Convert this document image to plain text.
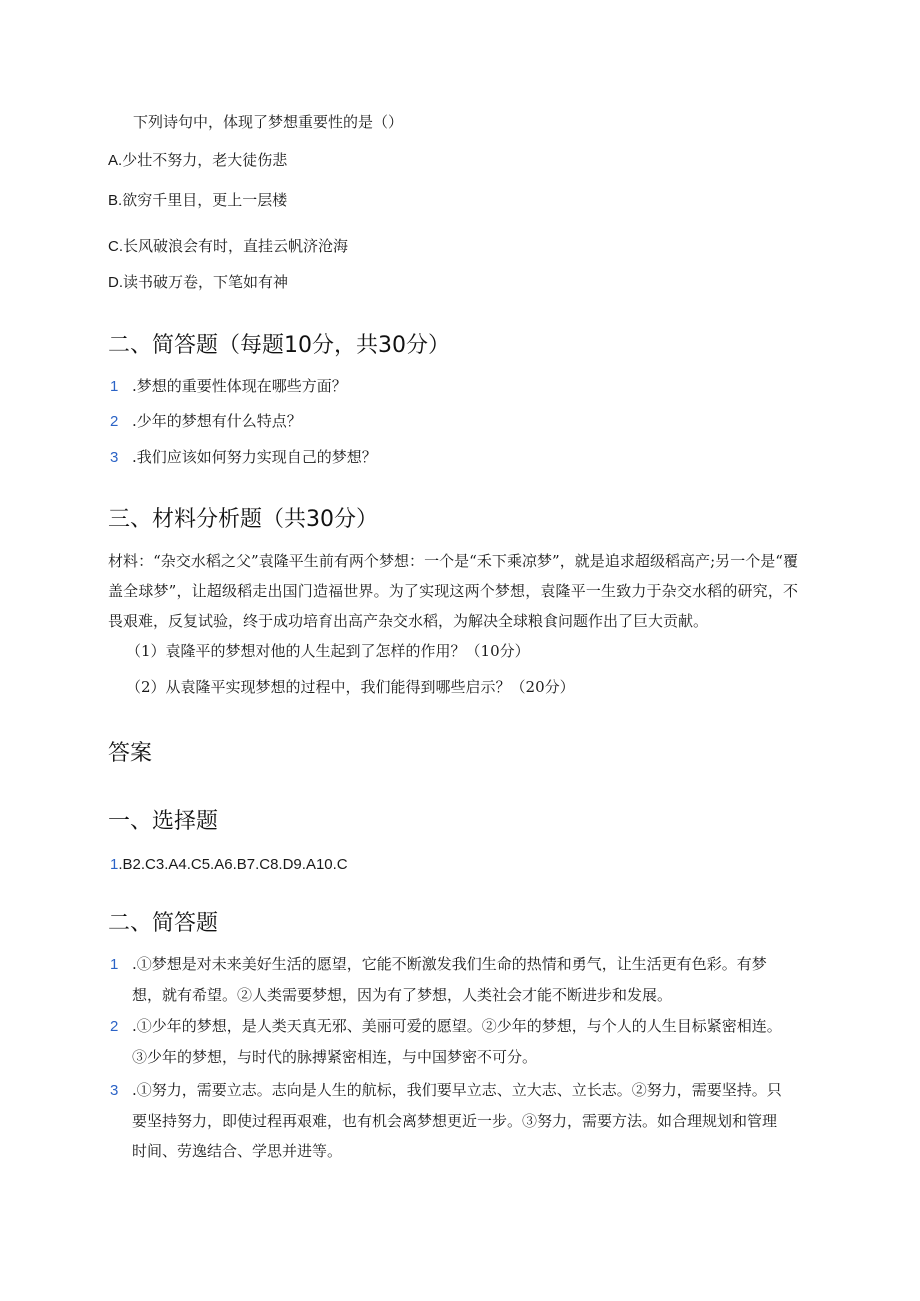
下列诗句中，体现了梦想重要性的是（）
A.少壮不努力，老大徒伤悲
B.欲穷千里目，更上一层楼
C.长风破浪会有时，直挂云帆济沧海
D.读书破万卷，下笔如有神
二、简答题（每题10分，共30分）
1 .梦想的重要性体现在哪些方面？
2 .少年的梦想有什么特点？
3 .我们应该如何努力实现自己的梦想？
三、材料分析题（共30分）
材料：“杂交水稻之父”袁隆平生前有两个梦想：一个是“禾下乘凉梦”，就是追求超级稻高产;另一个是“覆盖全球梦”，让超级稻走出国门造福世界。为了实现这两个梦想，袁隆平一生致力于杂交水稻的研究，不畏艰难，反复试验，终于成功培育出高产杂交水稻，为解决全球粮食问题作出了巨大贡献。
（1）袁隆平的梦想对他的人生起到了怎样的作用？（10分）
（2）从袁隆平实现梦想的过程中，我们能得到哪些启示？（20分）
答案
一、选择题
1.B2.C3.A4.C5.A6.B7.C8.D9.A10.C
二、简答题
1 .①梦想是对未来美好生活的愿望，它能不断激发我们生命的热情和勇气，让生活更有色彩。有梦
想，就有希望。②人类需要梦想，因为有了梦想，人类社会才能不断进步和发展。
2 .①少年的梦想，是人类天真无邪、美丽可爱的愿望。②少年的梦想，与个人的人生目标紧密相连。
③少年的梦想，与时代的脉搏紧密相连，与中国梦密不可分。
3 .①努力，需要立志。志向是人生的航标，我们要早立志、立大志、立长志。②努力，需要坚持。只
要坚持努力，即使过程再艰难，也有机会离梦想更近一步。③努力，需要方法。如合理规划和管理
时间、劳逸结合、学思并进等。
